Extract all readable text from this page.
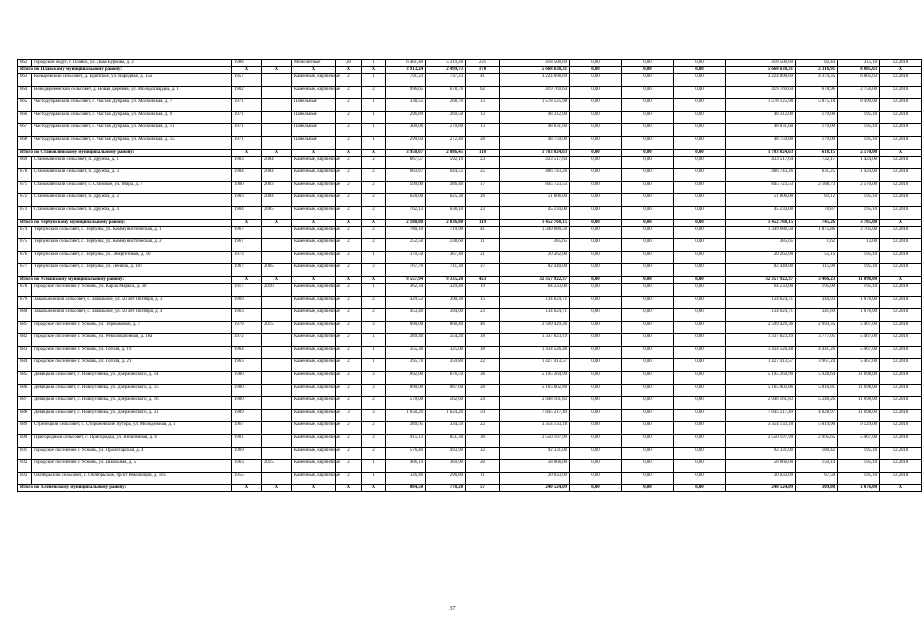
662	городской округ, г. Плавск, ул. Льва Буркова, д. 2	1988		Монолитные	20	1	6 461,40	5 319,20	231	418 500,69	0,00	0,00	0,00	418 500,69	82,44	315,10	12.2018
Итого по Плавскому муниципальному району:		X	X	X	X	X	3 913,24	2 499,73	170	5 668 638,31	0,00	0,00	0,00	5 668 638,31	2 316,91	8 805,03	X
663	Коныревский сельсовет, д. Ерипское, ул. Народная, д. 15а	1957		Каменные, кирпичные	2	1	791,23	737,23	41	3 224 898,69	0,00	0,00	0,00	3 224 898,69	4 374,35	8 805,03	12.2018
664	Новодеревенский сельсовет, д. Новая Деревня, ул. Молодогвардеа, д. 1	1982		Каменные, кирпичные	2	2	996,05	678,76	62	419 769,64	0,00	0,00	0,00	419 769,64	678,96	2 759,00	12.2018
665	Частодубравский сельсовет, с. Частая Дубрава, ул. Московская, д. 7	1971		Панельные	2	1	338,55	268,70	13	1 578 125,98	0,00	0,00	0,00	1 578 125,98	5 875,18	8 499,00	12.2018
666	Частодубравский сельсовет, с. Частая Дубрава, ул. Московская, д. 9	1971		Панельные	2	1	296,89	269,50	13	48 312,00	0,00	0,00	0,00	48 312,00	179,00	195,10	12.2018
667	Частодубравский сельсовет, с. Частая Дубрава, ул. Московская, д. 11	1971		Панельные	2	1	300,08	270,80	13	48 831,60	0,00	0,00	0,00	48 831,60	179,00	195,10	12.2018
668	Частодубравский сельсовет, с. Частая Дубрава, ул. Московская, д. 15	1971		Панельные	2	1	299,64	272,40	28	48 759,00	0,00	0,00	0,00	48 759,00	179,00	195,10	12.2018
Итого по Становлянскому муниципальному району:		X	X	X	X	X	3 950,67	2 886,45	118	1 783 024,63	0,00	0,00	0,00	1 783 024,63	618,15	2 570,00	X
669	Становлянский сельсовет, п. Дружба, д. 1	1983	2004	Каменные, кирпичные	2	2	667,57	592,10	23	433 517,64	0,00	0,00	0,00	433 517,64	732,17	1 424,00	12.2018
670	Становлянский сельсовет, п. Дружба, д. 3	1984	2004	Каменные, кирпичные	2	2	683,87	644,55	25	406 743,26	0,00	0,00	0,00	406 743,26	631,25	1 424,00	12.2018
671	Становлянский сельсовет, с. Становое, ул. Мира, д. 7	1980	2003	Каменные, кирпичные	2	2	599,00	386,40	17	845 723,53	0,00	0,00	0,00	845 723,53	2 188,73	2 570,00	12.2018
672	Становлянский сельсовет, п. Дружба, д. 2	1983	2004	Каменные, кирпичные	2	2	628,00	625,30	26	51 806,00	0,00	0,00	0,00	51 806,00	83,12	195,10	12.2018
673	Становлянский сельсовет, п. Дружба, д. 4	1984	2005	Каменные, кирпичные	2	2	702,13	638,10	23	45 234,00	0,00	0,00	0,00	45 234,00	70,87	195,10	12.2018
Итого по Тербунскому муниципальному району:		X	X	X	X	X	2 180,80	2 036,80	119	1 452 768,15	0,00	0,00	0,00	1 452 768,15	745,26	3 705,00	X
674	Тербунский сельсовет, с. Тербуны, ул. Коммунистическая, д. 1	1967		Каменные, кирпичные	2	2	780,10	719,90	41	1 349 680,50	0,00	0,00	0,00	1 349 680,50	1 875,86	3 705,00	12.2018
675	Тербунский сельсовет, с. Тербуны, ул. Коммунистическая, д. 2	1967		Каменные, кирпичные	2	2	252,50	238,60	11	385,65	0,00	0,00	0,00	385,65	1,62	13,00	12.2018
676	Тербунский сельсовет, с. Тербуны, ул. Энергетиков, д. 10	1973		Каменные, кирпичные	2	1	370,50	367,40	21	20 262,00	0,00	0,00	0,00	20 262,00	55,15	195,10	12.2018
677	Тербунский сельсовет, с. Тербуны, ул. Ленина, д. 107	1967	2005	Каменные, кирпичные	2	3	767,76	711,30	37	82 440,00	0,00	0,00	0,00	82 440,00	115,90	195,10	12.2018
Итого по Усманскому муниципальному району:		X	X	X	X	X	9 557,94	9 335,20	423	32 357 922,37	0,00	0,00	0,00	32 357 922,37	3 466,23	11 098,00	X
678	городское поселение г. Усмань, ул. Карла Маркса, д. 30	1917	2010	Каменные, кирпичные	2	1	362,34	329,40	19	64 233,00	0,00	0,00	0,00	64 233,00	195,00	195,10	12.2018
679	Завальновский сельсовет, с. Завальное, ул. 50 лет Октября, д. 3	1969		Каменные, кирпичные	2	2	429,53	390,30	15	134 624,71	0,00	0,00	0,00	134 624,71	344,93	1 076,00	12.2018
680	Завальновский сельсовет, с. Завальное, ул. 50 лет Октября, д. 4	1963		Каменные, кирпичные	2	2	453,40	394,00	23	134 624,71	0,00	0,00	0,00	134 624,71	341,69	1 076,00	12.2018
681	городское поселение г. Усмань, ул. Терешковой, д. 7	1979	2015	Каменные, кирпичные	2	3	890,00	868,40	46	2 599 429,36	0,00	0,00	0,00	2 599 429,36	2 993,35	5 467,00	12.2018
682	городское поселение г. Усмань, ул. Революционная, д. 16а	1972		Каменные, кирпичные	2	1	389,40	354,20	18	1 337 823,19	0,00	0,00	0,00	1 337 823,19	3 777,05	5 467,00	12.2018
683	городское поселение г. Усмань, ул. Гоголя, д. 19	1964		Каменные, кирпичные	2	1	355,30	325,00	18	1 434 526,48	0,00	0,00	0,00	1 434 526,48	4 441,26	5 467,00	12.2018
684	городское поселение г. Усмань, ул. Гоголя, д. 21	1963		Каменные, кирпичные	2	1	395,78	359,80	22	1 427 413,57	0,00	0,00	0,00	1 427 413,57	3 967,24	5 467,00	12.2018
685	Девицкий сельсовет, с. Новоуглянка, ул. Дзержинского, д. 14	1980		Каменные, кирпичные	2	3	892,00	876,59	38	5 195 264,99	0,00	0,00	0,00	5 195 264,99	5 928,64	11 098,00	12.2018
686	Девицкий сельсовет, с. Новоуглянка, ул. Дзержинского, д. 15	1980		Каменные, кирпичные	2	3	890,00	887,60	28	5 165 002,86	0,00	0,00	0,00	5 165 002,86	5 816,81	11 098,00	12.2018
687	Девицкий сельсовет, с. Новоуглянка, ул. Дзержинского, д. 16	1980		Каменные, кирпичные	2	2	570,00	562,60	24	2 948 161,83	0,00	0,00	0,00	2 948 161,83	5 240,26	11 098,00	12.2018
688	Девицкий сельсовет, с. Новоуглянка, ул. Дзержинского, д. 31	1989		Каменные, кирпичные	3	3	1 658,20	1 624,20	59	7 845 217,49	0,00	0,00	0,00	7 845 217,49	4 828,97	11 098,00	12.2018
689	Стрелецкий сельсовет, с. Сторожевские Хутора, ул. Молодежная, д. 1	1967		Каменные, кирпичные	2	2	389,95	334,59	22	3 354 133,18	0,00	0,00	0,00	3 354 133,18	5 819,90	9 129,00	12.2018
690	Пригородный сельсовет, с. Пригородка, ул. Юбилейная, д. 6	1981		Каменные, кирпичные	2	3	915,13	851,30	36	2 550 197,99	0,00	0,00	0,00	2 550 197,99	2 995,65	5 467,00	12.2018
691	городское поселение г. Усмань, ул. Пролетарская, д. 4	1969		Каменные, кирпичные	2	2	576,40	493,90	32	92 331,00	0,00	0,00	0,00	92 331,00	180,42	195,10	12.2018
692	городское поселение г. Усмань, ул. Школьная, д. 5	1963	2015	Каменные, кирпичные	2	1	406,14	369,90	20	58 866,00	0,00	0,00	0,00	58 866,00	159,14	195,10	12.2018
693	Октябрьский сельсовет, с. Октябрьское, пр-кт Революции, д. 105	1955		Каменные, кирпичные	2	1	326,46	296,80	11	20 033,09	0,00	0,00	0,00	20 033,09	67,50	195,10	12.2018
Итого по Хлевенскому муниципальному району:		X	X	X	X	X	884,50	778,20	57	240 524,09	0,00	0,00	0,00	240 524,09	309,08	1 076,00	X
37
